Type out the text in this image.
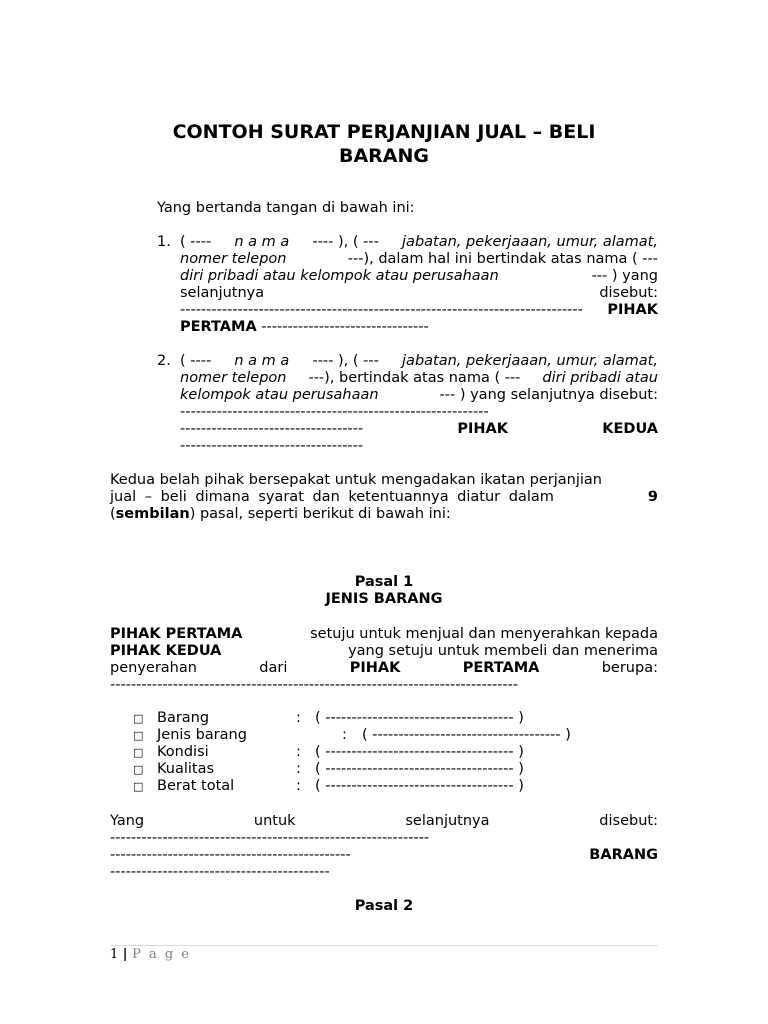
CONTOH SURAT PERJANJIAN JUAL – BELI
BARANG
Yang bertanda tangan di bawah ini:
1. ( ---- n a m a ---- ), ( --- jabatan, pekerjaaan, umur, alamat,
nomer telepon	---), dalam hal ini bertindak atas nama ( ---
diri pribadi atau kelompok atau perusahaan	--- ) yang
selanjutnya	disebut:
----------------------------------------------------------------------------- PIHAK
PERTAMA --------------------------------
2. ( ---- n a m a ---- ), ( --- jabatan, pekerjaaan, umur, alamat,
nomer telepon ---), bertindak atas nama ( --- diri pribadi atau
kelompok atau perusahaan	--- ) yang selanjutnya disebut:
-----------------------------------------------------------
-----------------------------------	PIHAK	KEDUA
-----------------------------------
Kedua belah pihak bersepakat untuk mengadakan ikatan perjanjian
jual – beli dimana syarat dan ketentuannya diatur dalam	9
(sembilan) pasal, seperti berikut di bawah ini:
Pasal 1
JENIS BARANG
PIHAK PERTAMA	setuju untuk menjual dan menyerahkan kepada
PIHAK KEDUA	yang setuju untuk membeli dan menerima
penyerahan	dari	PIHAK	PERTAMA	berupa:
------------------------------------------------------------------------------
□ Barang	: ( ------------------------------------ )
□ Jenis barang	: ( ------------------------------------ )
□ Kondisi	: ( ------------------------------------ )
□ Kualitas	: ( ------------------------------------ )
□ Berat total	: ( ------------------------------------ )
Yang	untuk	selanjutnya	disebut:
-------------------------------------------------------------
----------------------------------------------	BARANG
------------------------------------------
Pasal 2
1 | P a g e
